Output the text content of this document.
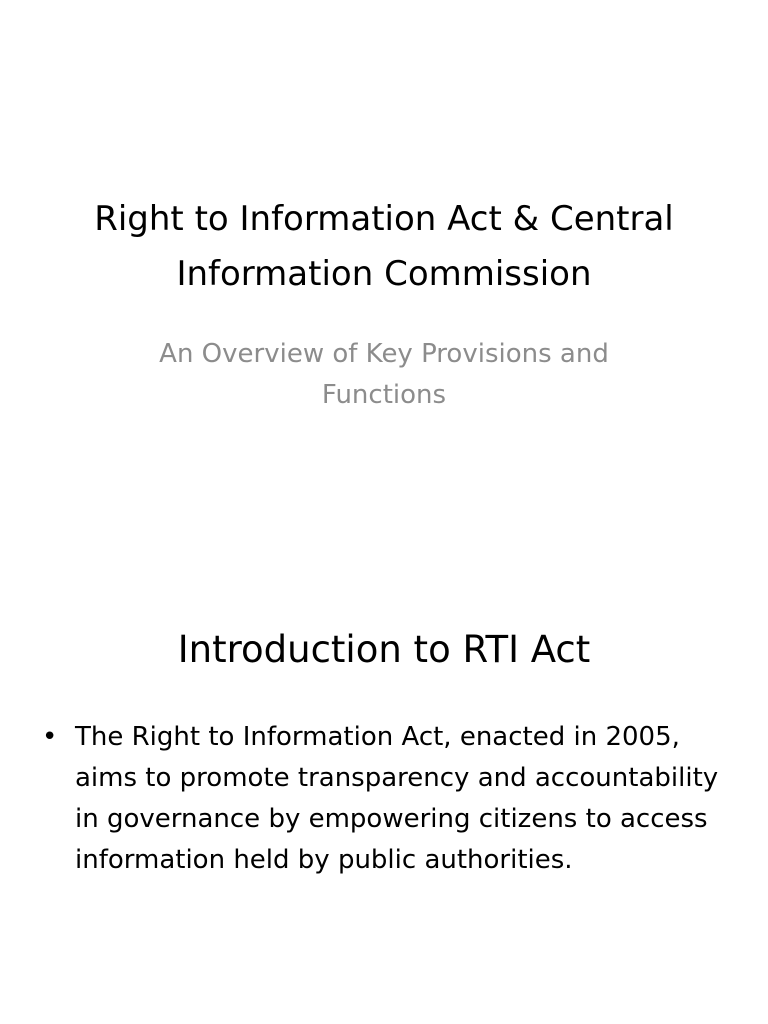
Right to Information Act & Central Information Commission

An Overview of Key Provisions and Functions

Introduction to RTI Act
• The Right to Information Act, enacted in 2005, aims to promote transparency and accountability in governance by empowering citizens to access information held by public authorities.
